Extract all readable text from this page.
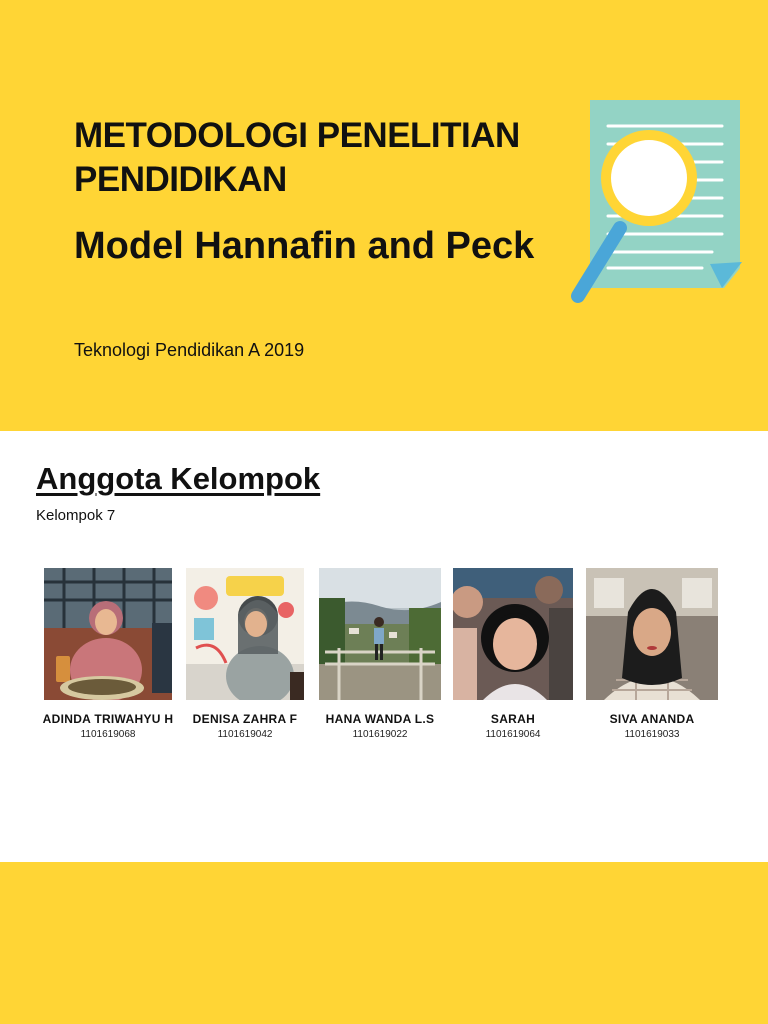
METODOLOGI PENELITIAN PENDIDIKAN
Model Hannafin and Peck
Teknologi Pendidikan A 2019
Anggota Kelompok
Kelompok 7
ADINDA TRIWAHYU H
1101619068
DENISA ZAHRA F
1101619042
HANA WANDA L.S
1101619022
SARAH
1101619064
SIVA ANANDA
1101619033
